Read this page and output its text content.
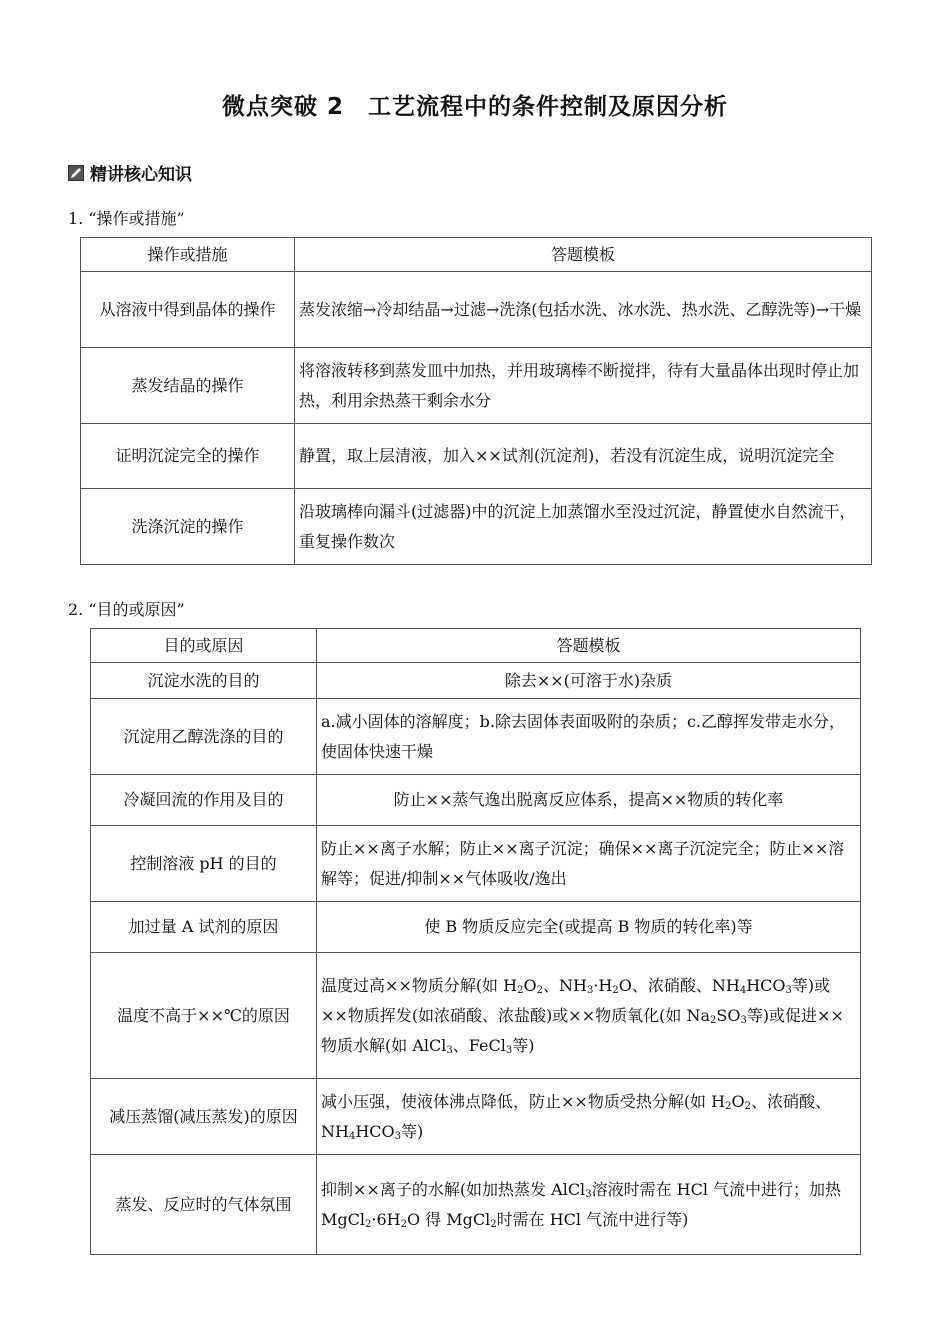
微点突破 2　工艺流程中的条件控制及原因分析
精讲核心知识
1. “操作或措施”
操作或措施	答题模板
从溶液中得到晶体的操作	蒸发浓缩→冷却结晶→过滤→洗涤(包括水洗、冰水洗、热水洗、乙醇洗等)→干燥
蒸发结晶的操作	将溶液转移到蒸发皿中加热，并用玻璃棒不断搅拌，待有大量晶体出现时停止加热，利用余热蒸干剩余水分
证明沉淀完全的操作	静置，取上层清液，加入××试剂(沉淀剂)，若没有沉淀生成，说明沉淀完全
洗涤沉淀的操作	沿玻璃棒向漏斗(过滤器)中的沉淀上加蒸馏水至没过沉淀，静置使水自然流干，重复操作数次
2. “目的或原因”
目的或原因	答题模板
沉淀水洗的目的	除去××(可溶于水)杂质
沉淀用乙醇洗涤的目的	a.减小固体的溶解度；b.除去固体表面吸附的杂质；c.乙醇挥发带走水分，使固体快速干燥
冷凝回流的作用及目的	防止××蒸气逸出脱离反应体系，提高××物质的转化率
控制溶液 pH 的目的	防止××离子水解；防止××离子沉淀；确保××离子沉淀完全；防止××溶解等；促进/抑制××气体吸收/逸出
加过量 A 试剂的原因	使 B 物质反应完全(或提高 B 物质的转化率)等
温度不高于××℃的原因	温度过高××物质分解(如 $H_2O_2$、$NH_3\cdot H_2O$、浓硝酸、$NH_4HCO_3$等)或××物质挥发(如浓硝酸、浓盐酸)或××物质氧化(如 $Na_2SO_3$等)或促进××物质水解(如 AlCl$_3$、FeCl$_3$等)
减压蒸馏(减压蒸发)的原因	减小压强，使液体沸点降低，防止××物质受热分解(如 $H_2O_2$、浓硝酸、$NH_4HCO_3$等)
蒸发、反应时的气体氛围	抑制××离子的水解(如加热蒸发 AlCl$_3$溶液时需在 HCl 气流中进行；加热 $MgCl_2\cdot 6H_2O$ 得 MgCl$_2$时需在 HCl 气流中进行等)
